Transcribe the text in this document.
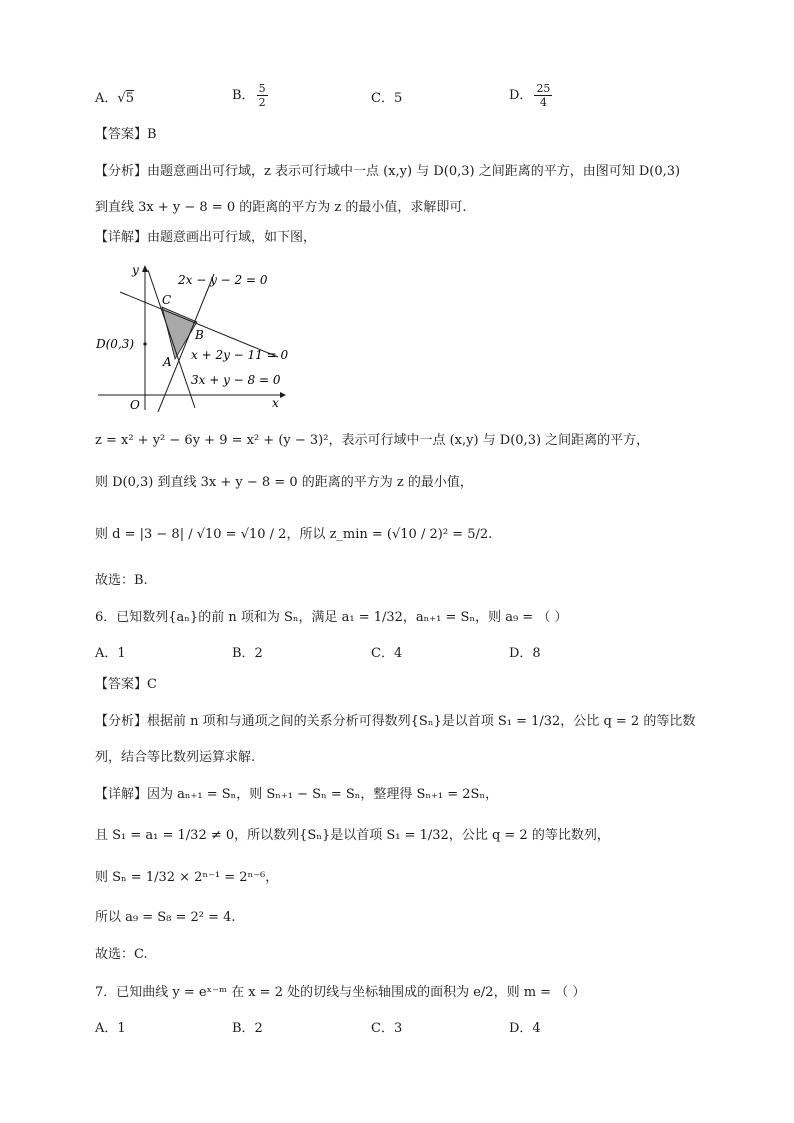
A．√5	B． $\frac{5}{2}$	C．5	D． $\frac{25}{4}$
【答案】B
【分析】由题意画出可行域，z 表示可行域中一点 (x,y) 与 D(0,3) 之间距离的平方，由图可知 D(0,3)
到直线 3x + y − 8 = 0 的距离的平方为 z 的最小值，求解即可.
【详解】由题意画出可行域，如下图，
2x − y − 2 = 0
x + 2y − 11 = 0
3x + y − 8 = 0
C
B
A
D(0,3)
O	x
y
z = x² + y² − 6y + 9 = x² + (y − 3)²，表示可行域中一点 (x,y) 与 D(0,3) 之间距离的平方，
则 D(0,3) 到直线 3x + y − 8 = 0 的距离的平方为 z 的最小值，
则 d = |3 − 8| / √10 = √10 / 2，所以 z_min = (√10 / 2)² = 5/2.
故选：B.
6．已知数列{aₙ}的前 n 项和为 Sₙ，满足 a₁ = 1/32，aₙ₊₁ = Sₙ，则 a₉ = （ ）
A．1	B．2	C．4	D．8
【答案】C
【分析】根据前 n 项和与通项之间的关系分析可得数列{Sₙ}是以首项 S₁ = 1/32，公比 q = 2 的等比数
列，结合等比数列运算求解.
【详解】因为 aₙ₊₁ = Sₙ，则 Sₙ₊₁ − Sₙ = Sₙ，整理得 Sₙ₊₁ = 2Sₙ，
且 S₁ = a₁ = 1/32 ≠ 0，所以数列{Sₙ}是以首项 S₁ = 1/32，公比 q = 2 的等比数列，
则 Sₙ = 1/32 × 2ⁿ⁻¹ = 2ⁿ⁻⁶，
所以 a₉ = S₈ = 2² = 4.
故选：C.
7．已知曲线 y = eˣ⁻ᵐ 在 x = 2 处的切线与坐标轴围成的面积为 e/2，则 m = （ ）
A．1	B．2	C．3	D．4
